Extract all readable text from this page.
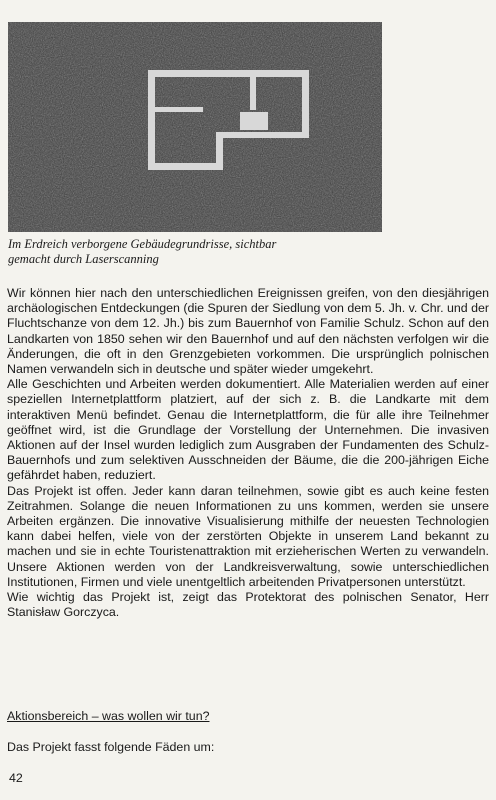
Im Erdreich verborgene Gebäudegrundrisse, sichtbar
gemacht durch Laserscanning

Wir können hier nach den unterschiedlichen Ereignissen greifen, von den diesjährigen archäologischen Entdeckungen (die Spuren der Siedlung von dem 5. Jh. v. Chr. und der Fluchtschanze von dem 12. Jh.) bis zum Bauernhof von Familie Schulz. Schon auf den Landkarten von 1850 sehen wir den Bauernhof und auf den nächsten verfolgen wir die Änderungen, die oft in den Grenzgebieten vorkommen. Die ursprünglich polnischen Namen verwandeln sich in deutsche und später wieder umgekehrt.

Alle Geschichten und Arbeiten werden dokumentiert. Alle Materialien werden auf einer speziellen Internetplattform platziert, auf der sich z. B. die Landkarte mit dem interaktiven Menü befindet. Genau die Internetplattform, die für alle ihre Teilnehmer geöffnet wird, ist die Grundlage der Vorstellung der Unternehmen. Die invasiven Aktionen auf der Insel wurden lediglich zum Ausgraben der Fundamenten des Schulz-Bauernhofs und zum selektiven Ausschneiden der Bäume, die die 200-jährigen Eiche gefährdet haben, reduziert.

Das Projekt ist offen. Jeder kann daran teilnehmen, sowie gibt es auch keine festen Zeitrahmen. Solange die neuen Informationen zu uns kommen, werden sie unsere Arbeiten ergänzen. Die innovative Visualisierung mithilfe der neuesten Technologien kann dabei helfen, viele von der zerstörten Objekte in unserem Land bekannt zu machen und sie in echte Touristenattraktion mit erzieherischen Werten zu verwandeln. Unsere Aktionen werden von der Landkreisverwaltung, sowie unterschiedlichen Institutionen, Firmen und viele unentgeltlich arbeitenden Privatpersonen unterstützt.

Wie wichtig das Projekt ist, zeigt das Protektorat des polnischen Senator, Herr Stanisław Gorczyca.

Aktionsbereich – was wollen wir tun?
Das Projekt fasst folgende Fäden um:
42
